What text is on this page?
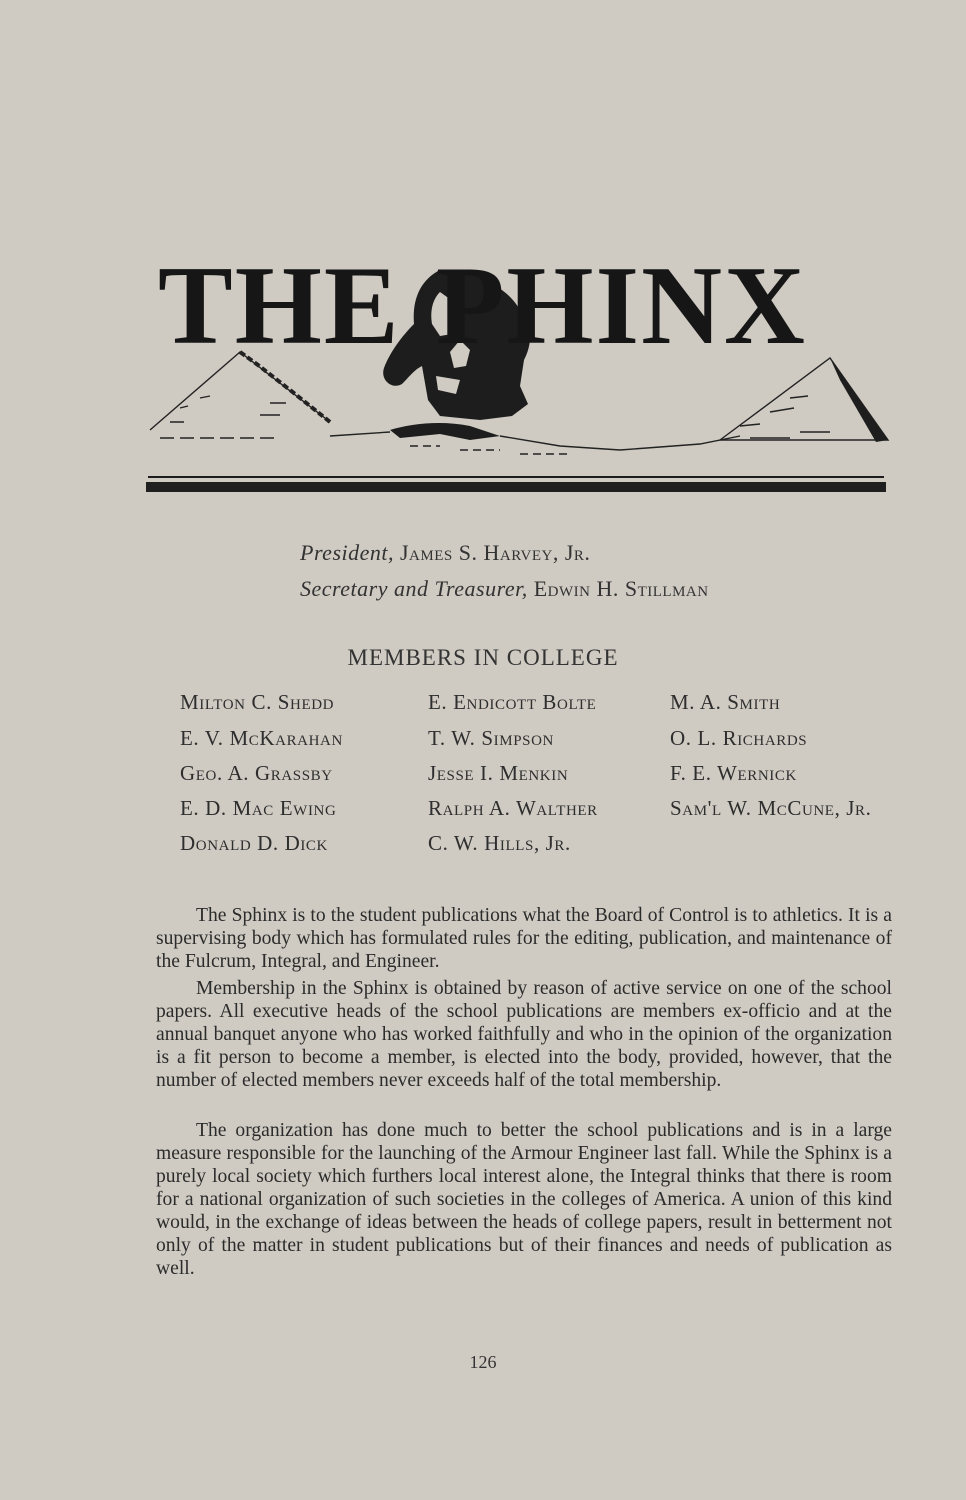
THE PHINX
President, James S. Harvey, Jr.
Secretary and Treasurer, Edwin H. Stillman
MEMBERS IN COLLEGE
Milton C. Shedd
E. V. McKarahan
Geo. A. Grassby
E. D. Mac Ewing
Donald D. Dick
E. Endicott Bolte
T. W. Simpson
Jesse I. Menkin
Ralph A. Walther
C. W. Hills, Jr.
M. A. Smith
O. L. Richards
F. E. Wernick
Sam'l W. McCune, Jr.

The Sphinx is to the student publications what the Board of Control is to athletics. It is a supervising body which has formulated rules for the editing, publication, and maintenance of the Fulcrum, Integral, and Engineer.

Membership in the Sphinx is obtained by reason of active service on one of the school papers. All executive heads of the school publications are members ex-officio and at the annual banquet anyone who has worked faithfully and who in the opinion of the organization is a fit person to become a member, is elected into the body, provided, however, that the number of elected members never exceeds half of the total membership.

The organization has done much to better the school publications and is in a large measure responsible for the launching of the Armour Engineer last fall. While the Sphinx is a purely local society which furthers local interest alone, the Integral thinks that there is room for a national organization of such societies in the colleges of America. A union of this kind would, in the exchange of ideas between the heads of college papers, result in betterment not only of the matter in student publications but of their finances and needs of publication as well.

126
